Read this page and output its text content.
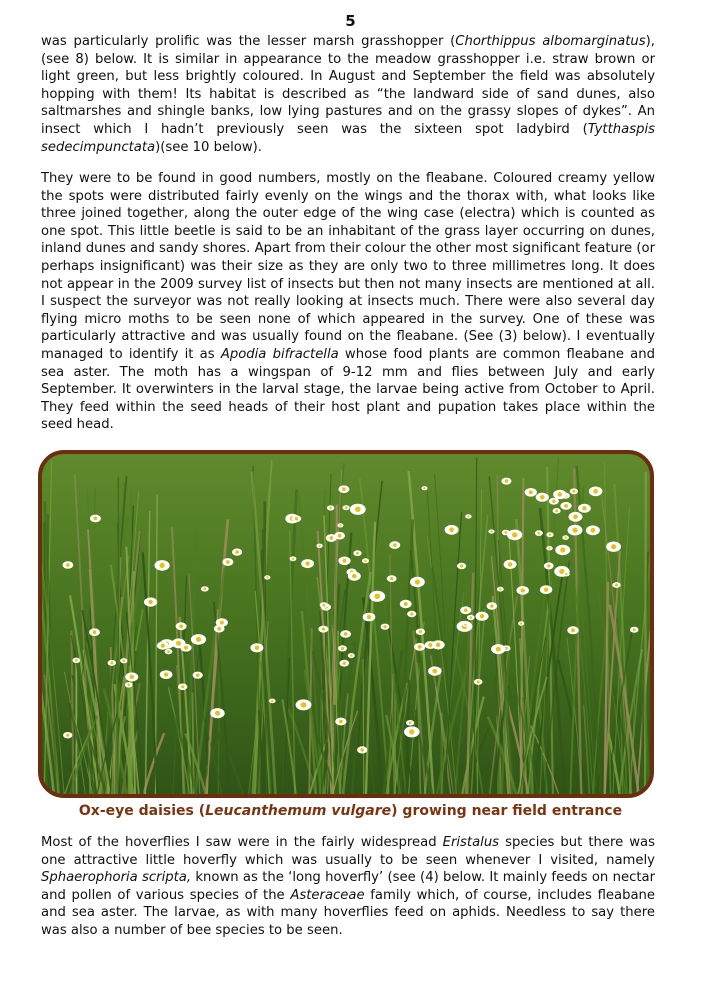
5

was particularly prolific was the lesser marsh grasshopper (Chorthippus albomarginatus), (see 8) below. It is similar in appearance to the meadow grasshopper i.e. straw brown or light green, but less brightly coloured. In August and September the field was absolutely hopping with them! Its habitat is described as “the landward side of sand dunes, also saltmarshes and shingle banks, low lying pastures and on the grassy slopes of dykes”. An insect which I hadn’t previously seen was the sixteen spot ladybird (Tytthaspis sedecimpunctata)(see 10 below).

They were to be found in good numbers, mostly on the fleabane. Coloured creamy yellow the spots were distributed fairly evenly on the wings and the thorax with, what looks like three joined together, along the outer edge of the wing case (electra) which is counted as one spot. This little beetle is said to be an inhabitant of the grass layer occurring on dunes, inland dunes and sandy shores. Apart from their colour the other most significant feature (or perhaps insignificant) was their size as they are only two to three millimetres long. It does not appear in the 2009 survey list of insects but then not many insects are mentioned at all. I suspect the surveyor was not really looking at insects much. There were also several day flying micro moths to be seen none of which appeared in the survey. One of these was particularly attractive and was usually found on the fleabane. (See (3) below). I eventually managed to identify it as Apodia bifractella whose food plants are common fleabane and sea aster. The moth has a wingspan of 9-12 mm and flies between July and early September. It overwinters in the larval stage, the larvae being active from October to April. They feed within the seed heads of their host plant and pupation takes place within the seed head.

Ox-eye daisies (Leucanthemum vulgare) growing near field entrance

Most of the hoverflies I saw were in the fairly widespread Eristalus species but there was one attractive little hoverfly which was usually to be seen whenever I visited, namely Sphaerophoria scripta, known as the ‘long hoverfly’ (see (4) below. It mainly feeds on nectar and pollen of various species of the Asteraceae family which, of course, includes fleabane and sea aster. The larvae, as with many hoverflies feed on aphids. Needless to say there was also a number of bee species to be seen.
